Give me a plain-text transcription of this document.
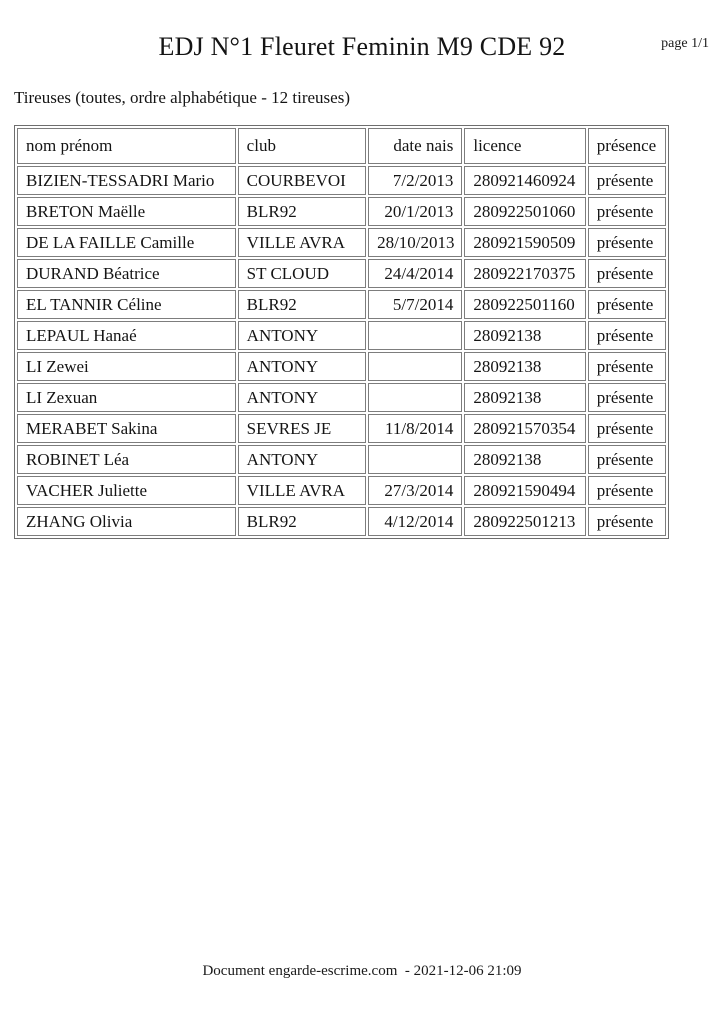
EDJ N°1 Fleuret Feminin M9 CDE 92	page 1/1
Tireuses (toutes, ordre alphabétique - 12 tireuses)
nom prénom	club	date nais	licence	présence
BIZIEN-TESSADRI Mario	COURBEVOI	7/2/2013	280921460924	présente
BRETON Maëlle	BLR92	20/1/2013	280922501060	présente
DE LA FAILLE Camille	VILLE AVRA	28/10/2013	280921590509	présente
DURAND Béatrice	ST CLOUD	24/4/2014	280922170375	présente
EL TANNIR Céline	BLR92	5/7/2014	280922501160	présente
LEPAUL Hanaé	ANTONY		28092138	présente
LI Zewei	ANTONY		28092138	présente
LI Zexuan	ANTONY		28092138	présente
MERABET Sakina	SEVRES JE	11/8/2014	280921570354	présente
ROBINET Léa	ANTONY		28092138	présente
VACHER Juliette	VILLE AVRA	27/3/2014	280921590494	présente
ZHANG Olivia	BLR92	4/12/2014	280922501213	présente
Document engarde-escrime.com  - 2021-12-06 21:09
